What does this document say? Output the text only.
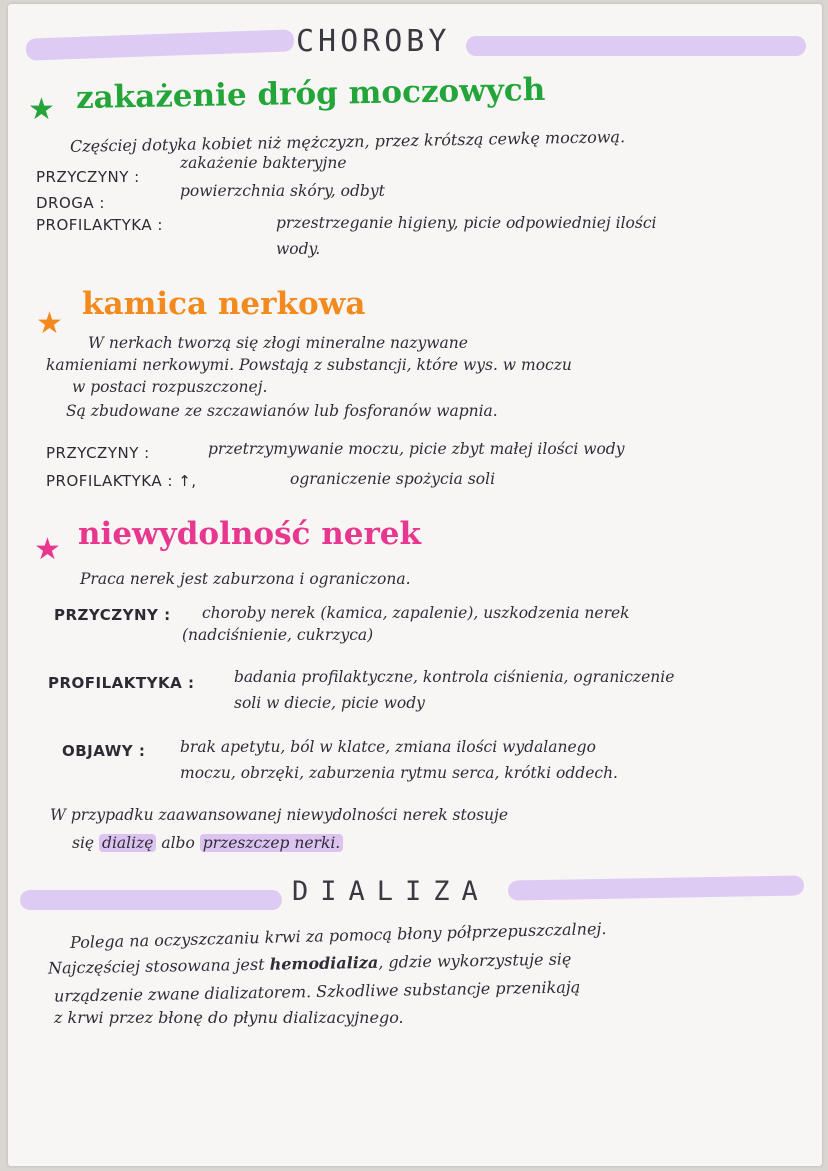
CHOROBY
★ zakażenie dróg moczowych
Częściej dotyka kobiet niż mężczyzn, przez krótszą cewkę moczową.
PRZYCZYNY :
zakażenie bakteryjne
DROGA :
powierzchnia skóry, odbyt
PROFILAKTYKA :	przestrzeganie higieny, picie odpowiedniej ilości
wody.
★
kamica nerkowa
W nerkach tworzą się złogi mineralne nazywane
kamieniami nerkowymi. Powstają z substancji, które wys. w moczu
w postaci rozpuszczonej.
Są zbudowane ze szczawianów lub fosforanów wapnia.
PRZYCZYNY :	przetrzymywanie moczu, picie zbyt małej ilości wody
PROFILAKTYKA : ↑,	ograniczenie spożycia soli
★ niewydolność nerek
Praca nerek jest zaburzona i ograniczona.
PRZYCZYNY : choroby nerek (kamica, zapalenie), uszkodzenia nerek
(nadciśnienie, cukrzyca)
PROFILAKTYKA :	badania profilaktyczne, kontrola ciśnienia, ograniczenie
soli w diecie, picie wody
OBJAWY : brak apetytu, ból w klatce, zmiana ilości wydalanego
moczu, obrzęki, zaburzenia rytmu serca, krótki oddech.
W przypadku zaawansowanej niewydolności nerek stosuje
się dializę albo przeszczep nerki.
DIALIZA
Polega na oczyszczaniu krwi za pomocą błony półprzepuszczalnej.
Najczęściej stosowana jest hemodializa, gdzie wykorzystuje się
urządzenie zwane dializatorem. Szkodliwe substancje przenikają
z krwi przez błonę do płynu dializacyjnego.
